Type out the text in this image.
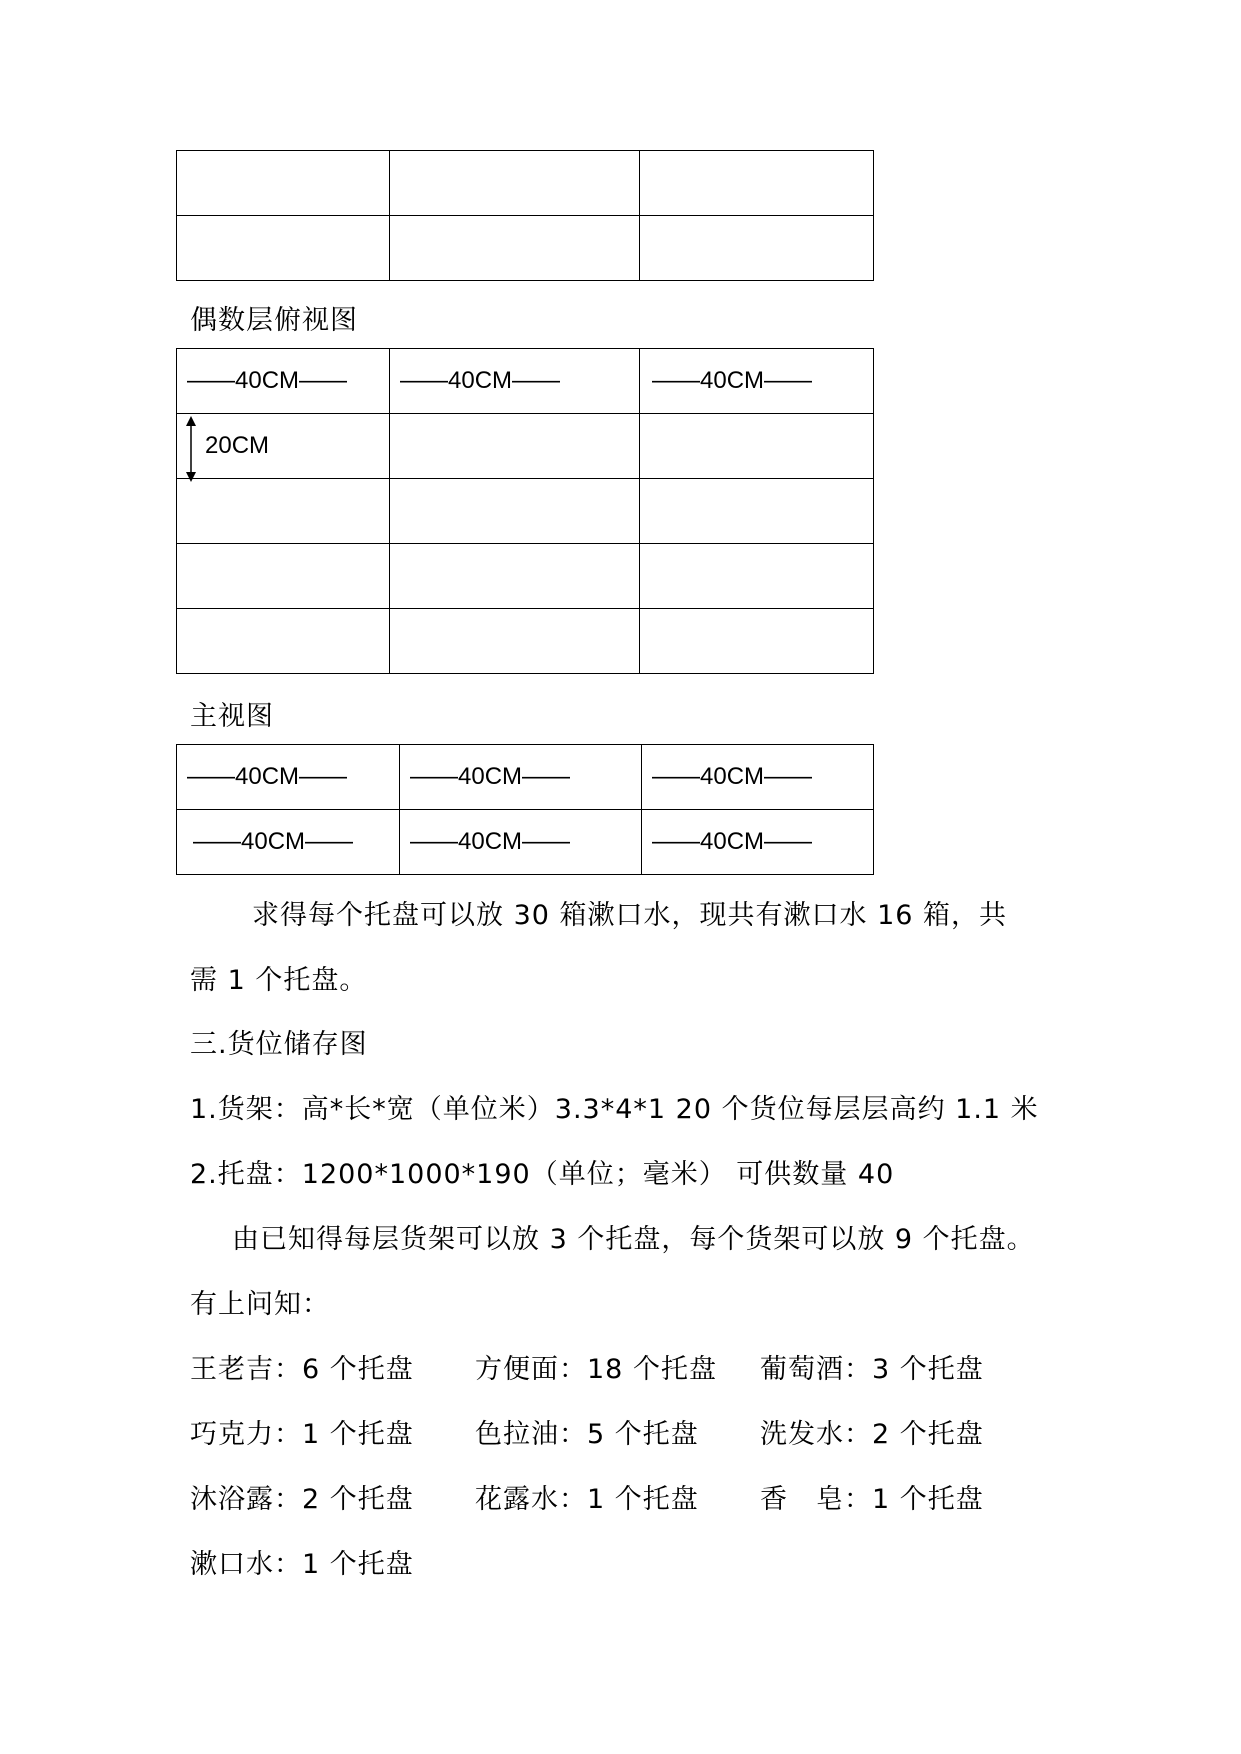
偶数层俯视图
——40CM——	——40CM——	——40CM——

20CM		

主视图
——40CM——	——40CM——	——40CM——
——40CM——	——40CM——	——40CM——
求得每个托盘可以放 30 箱漱口水，现共有漱口水 16 箱，共
需 1 个托盘。
三.货位储存图
1.货架：高*长*宽（单位米）3.3*4*1 20 个货位每层层高约 1.1 米
2.托盘：1200*1000*190（单位；毫米） 可供数量 40
由已知得每层货架可以放 3 个托盘，每个货架可以放 9 个托盘。
有上问知：
王老吉：6 个托盘 方便面：18 个托盘 葡萄酒：3 个托盘
巧克力：1 个托盘 色拉油：5 个托盘 洗发水：2 个托盘
沐浴露：2 个托盘 花露水：1 个托盘 香　皂：1 个托盘
漱口水：1 个托盘
